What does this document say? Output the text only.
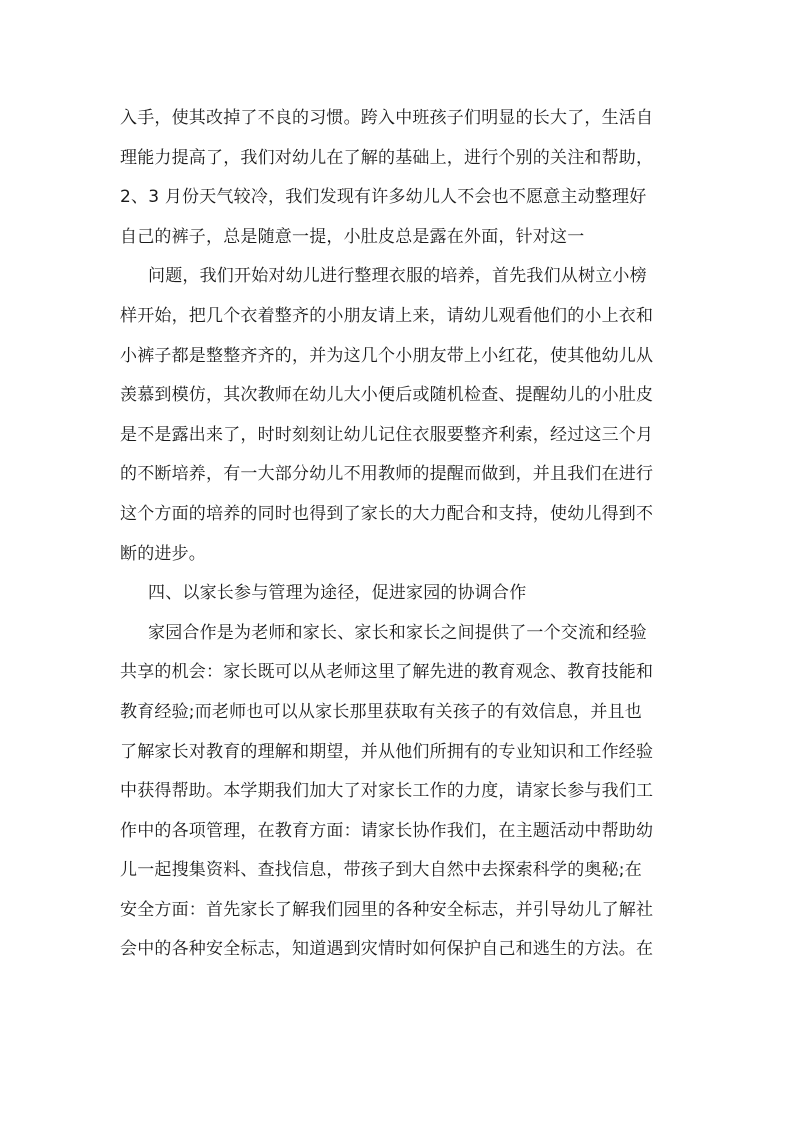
入手，使其改掉了不良的习惯。跨入中班孩子们明显的长大了，生活自
理能力提高了，我们对幼儿在了解的基础上，进行个别的关注和帮助，
2、3 月份天气较冷，我们发现有许多幼儿人不会也不愿意主动整理好
自己的裤子，总是随意一提，小肚皮总是露在外面，针对这一
问题，我们开始对幼儿进行整理衣服的培养，首先我们从树立小榜
样开始，把几个衣着整齐的小朋友请上来，请幼儿观看他们的小上衣和
小裤子都是整整齐齐的，并为这几个小朋友带上小红花，使其他幼儿从
羡慕到模仿，其次教师在幼儿大小便后或随机检查、提醒幼儿的小肚皮
是不是露出来了，时时刻刻让幼儿记住衣服要整齐利索，经过这三个月
的不断培养，有一大部分幼儿不用教师的提醒而做到，并且我们在进行
这个方面的培养的同时也得到了家长的大力配合和支持，使幼儿得到不
断的进步。
四、以家长参与管理为途径，促进家园的协调合作
家园合作是为老师和家长、家长和家长之间提供了一个交流和经验
共享的机会：家长既可以从老师这里了解先进的教育观念、教育技能和
教育经验;而老师也可以从家长那里获取有关孩子的有效信息，并且也
了解家长对教育的理解和期望，并从他们所拥有的专业知识和工作经验
中获得帮助。本学期我们加大了对家长工作的力度，请家长参与我们工
作中的各项管理，在教育方面：请家长协作我们，在主题活动中帮助幼
儿一起搜集资料、查找信息，带孩子到大自然中去探索科学的奥秘;在
安全方面：首先家长了解我们园里的各种安全标志，并引导幼儿了解社
会中的各种安全标志，知道遇到灾情时如何保护自己和逃生的方法。在
